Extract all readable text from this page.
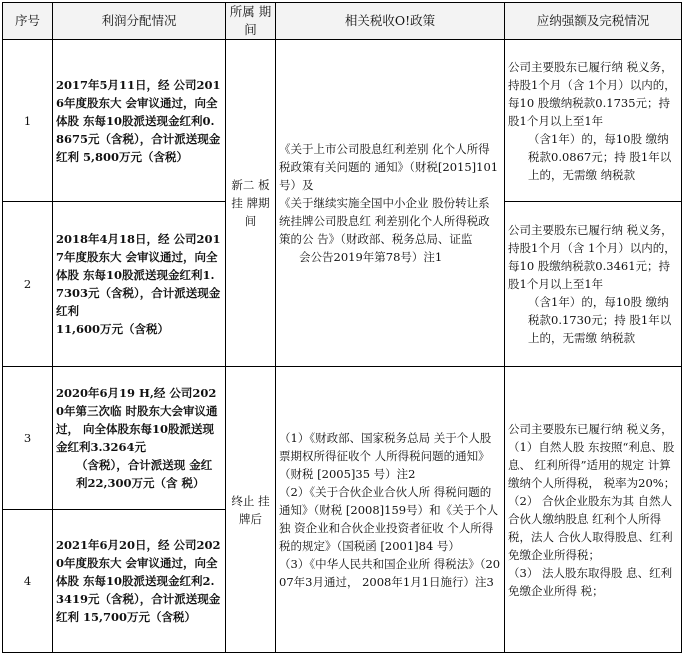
序号	利润分配情况	所属 期间	相关税收O!政策	应纳强额及完税情况
1	2017年5月11日，经 公司2016年度股东大 会审议通过，向全体股 东每10股派送现金红利0.8675元（含税），合计派送现金红利 5,800万元（含税）	新二 板 挂 牌期 间	《关于上市公司股息红利差别 化个人所得税政策有关问题的 通知》（财税[2015]101号）及
《关于继续实施全国中小企业 股份转让系统挂牌公司股息红 利差别化个人所得税政策的公 告》（财政部、税务总局、证监
会公告2019年第78号）注1	公司主要股东已履行纳 税义务，持股1个月（含 1个月）以内的，每10 股缴纳税款0.1735元；持股1个月以上至1年
（含1年）的，每10股 缴纳税款0.0867元；持 股1年以上的，无需缴 纳税款

2	2018年4月18日，经 公司2017年度股东大 会审议通过，向全体股 东每10股派送现金红利1.7303元（含税），合计派送现金红利
11,600万元（含税）			公司主要股东已履行纳 税义务，持股1个月（含 1个月）以内的，每10 股缴纳税款0.3461元；持股1个月以上至1年
（含1年）的，每10股 缴纳税款0.1730元；持 股1年以上的，无需缴 纳税款

3	2020年6月19 H,经 公司2020年第三次临 时股东大会审议通过， 向全体股东每10股派送现金红利3.3264元
（含税），合计派送现 金红利22,300万元（含 税）	终止 挂 牌后	（1）《财政部、国家税务总局 关于个人股票期权所得征收个 人所得税问题的通知》（财税 [2005]35 号）注2
（2）《关于合伙企业合伙人所 得税问题的通知》（财税 [2008]159号）和《关于个人独 资企业和合伙企业投资者征收 个人所得税的规定》（国税函 [2001]84 号）
（3）《中华人民共和国企业所 得税法》（2007年3月通过， 2008年1月1日施行）注3	公司主要股东已履行纳 税义务，（1）自然人股 东按照“利息、股息、 红利所得”适用的规定 计算缴纳个人所得税， 税率为20%；
（2） 合伙企业股东为其 自然人合伙人缴纳股息 红利个人所得税，法人 合伙人取得股息、红利 免缴企业所得税；
（3） 法人股东取得股 息、红利免缴企业所得 税；

4	2021年6月20日，经 公司2020年度股东大 会审议通过，向全体股 东每10股派送现金红利2.3419元（含税），合计派送现金红利 15,700万元（含税）			
